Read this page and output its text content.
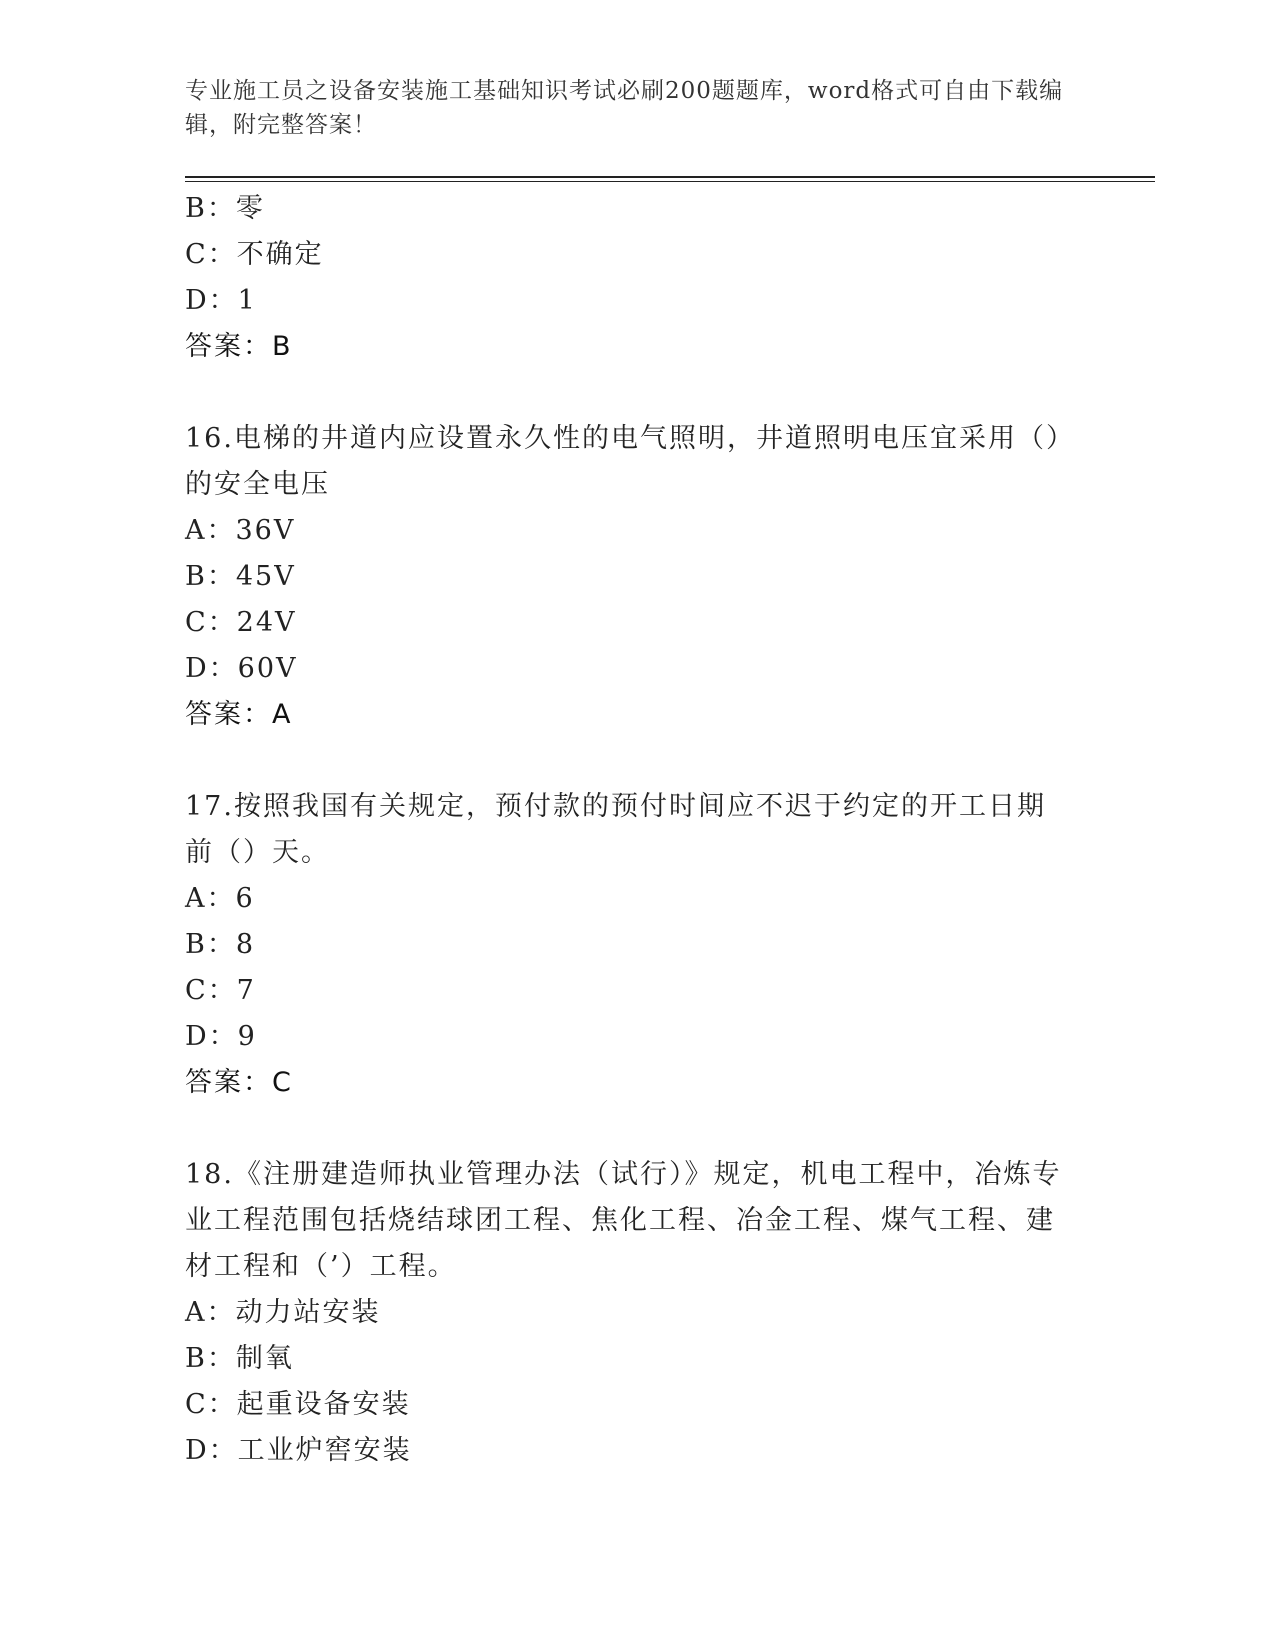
专业施工员之设备安装施工基础知识考试必刷200题题库，word格式可自由下载编辑，附完整答案！
B：零
C：不确定
D：1
答案：B
16.电梯的井道内应设置永久性的电气照明，井道照明电压宜采用（）的安全电压
A：36V
B：45V
C：24V
D：60V
答案：A
17.按照我国有关规定，预付款的预付时间应不迟于约定的开工日期前（）天。
A：6
B：8
C：7
D：9
答案：C
18.《注册建造师执业管理办法（试行）》规定，机电工程中，冶炼专业工程范围包括烧结球团工程、焦化工程、冶金工程、煤气工程、建材工程和（’）工程。
A：动力站安装
B：制氧
C：起重设备安装
D：工业炉窖安装
